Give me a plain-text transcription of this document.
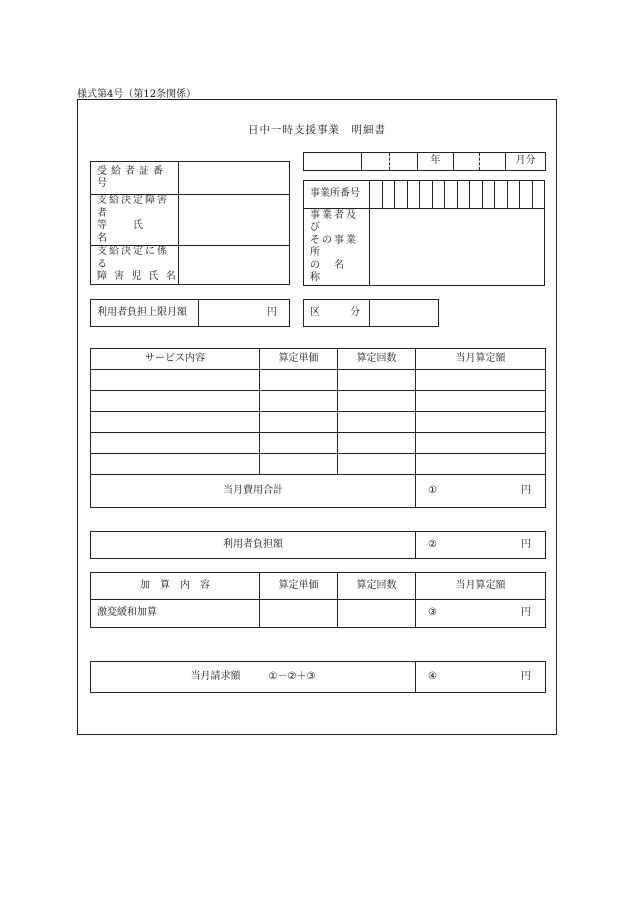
様式第4号（第12条関係）
日中一時支援事業　明細書
			年			月分
受給者証番号	

支給決定障害者
等　　氏　　名	

支給決定に係る
障 害 児 氏 名	

事業所番号														

事業者及び
その事業所
の　名　称														

利用者負担上限月額	円	区　　　分	
サービス内容	算定単価	算定回数	当月算定額

当月費用合計			① 円
利用者負担額	②	円
加　算　内　容	算定単価	算定回数	当月算定額
激変緩和加算			③ 円
当月請求額	①－②＋③	④	円
